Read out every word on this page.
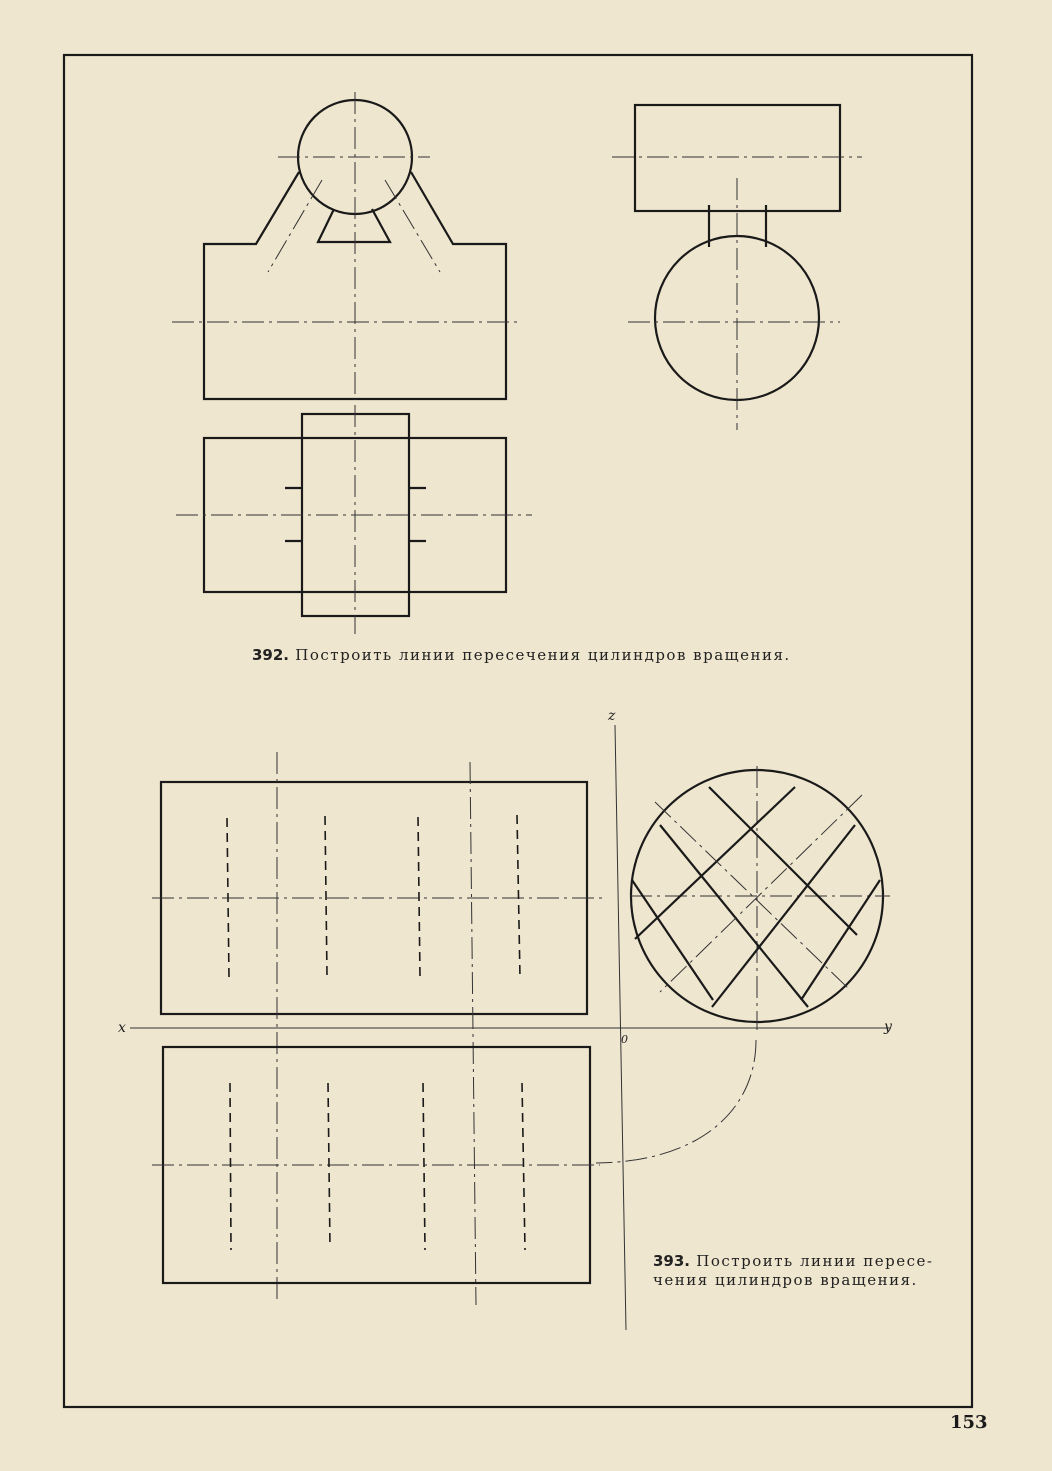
392. Построить линии пересечения цилиндров вращения.
393. Построить линии пересе-
чения цилиндров вращения.
z
x	y
0
153
